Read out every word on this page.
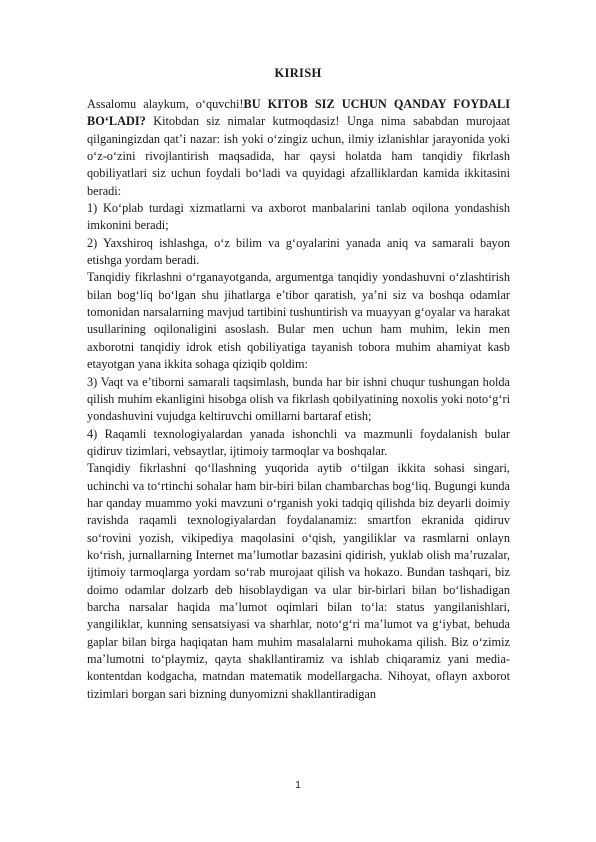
KIRISH

Assalomu alaykum, o‘quvchi!BU KITOB SIZ UCHUN QANDAY FOYDALI BO‘LADI? Kitobdan siz nimalar kutmoqdasiz! Unga nima sababdan murojaat qilganingizdan qat’i nazar: ish yoki o‘zingiz uchun, ilmiy izlanishlar jarayonida yoki o‘z-o‘zini rivojlantirish maqsadida, har qaysi holatda ham tanqidiy fikrlash qobiliyatlari siz uchun foydali bo‘ladi va quyidagi afzalliklardan kamida ikkitasini beradi:

1) Ko‘plab turdagi xizmatlarni va axborot manbalarini tanlab oqilona yondashish imkonini beradi;

2) Yaxshiroq ishlashga, o‘z bilim va g‘oyalarini yanada aniq va samarali bayon etishga yordam beradi.

Tanqidiy fikrlashni o‘rganayotganda, argumentga tanqidiy yondashuvni o‘zlashtirish bilan bog‘liq bo‘lgan shu jihatlarga e’tibor qaratish, ya’ni siz va boshqa odamlar tomonidan narsalarning mavjud tartibini tushuntirish va muayyan g‘oyalar va harakat usullarining oqilonaligini asoslash. Bular men uchun ham muhim, lekin men axborotni tanqidiy idrok etish qobiliyatiga tayanish tobora muhim ahamiyat kasb etayotgan yana ikkita sohaga qiziqib qoldim:

3) Vaqt va e’tiborni samarali taqsimlash, bunda har bir ishni chuqur tushungan holda qilish muhim ekanligini hisobga olish va fikrlash qobilyatining noxolis yoki noto‘g‘ri yondashuvini vujudga keltiruvchi omillarni bartaraf etish;

4) Raqamli texnologiyalardan yanada ishonchli va mazmunli foydalanish bular qidiruv tizimlari, vebsaytlar, ijtimoiy tarmoqlar va boshqalar.

Tanqidiy fikrlashni qo‘llashning yuqorida aytib o‘tilgan ikkita sohasi singari, uchinchi va to‘rtinchi sohalar ham bir-biri bilan chambarchas bog‘liq. Bugungi kunda har qanday muammo yoki mavzuni o‘rganish yoki tadqiq qilishda biz deyarli doimiy ravishda raqamli texnologiyalardan foydalanamiz: smartfon ekranida qidiruv so‘rovini yozish, vikipediya maqolasini o‘qish, yangiliklar va rasmlarni onlayn ko‘rish, jurnallarning Internet ma’lumotlar bazasini qidirish, yuklab olish ma’ruzalar, ijtimoiy tarmoqlarga yordam so‘rab murojaat qilish va hokazo. Bundan tashqari, biz doimo odamlar dolzarb deb hisoblaydigan va ular bir-birlari bilan bo‘lishadigan barcha narsalar haqida ma’lumot oqimlari bilan to‘la: status yangilanishlari, yangiliklar, kunning sensatsiyasi va sharhlar, noto‘g‘ri ma’lumot va g‘iybat, behuda gaplar bilan birga haqiqatan ham muhim masalalarni muhokama qilish. Biz o‘zimiz ma’lumotni to‘playmiz, qayta shakllantiramiz va ishlab chiqaramiz yani media-kontentdan kodgacha, matndan matematik modellargacha. Nihoyat, oflayn axborot tizimlari borgan sari bizning dunyomizni shakllantiradigan

1
